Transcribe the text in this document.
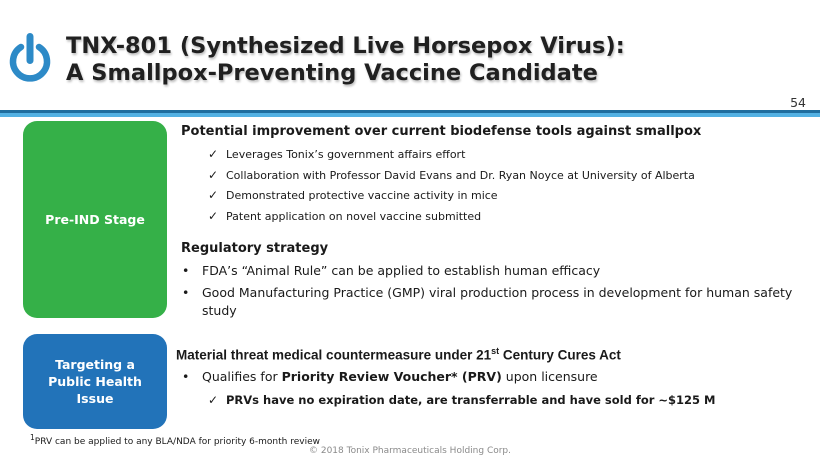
TNX-801 (Synthesized Live Horsepox Virus):
A Smallpox-Preventing Vaccine Candidate
54
Pre-IND Stage
Targeting a
Public Health
Issue

Potential improvement over current biodefense tools against smallpox

✓ Leverages Tonix’s government affairs effort
✓ Collaboration with Professor David Evans and Dr. Ryan Noyce at University of Alberta
✓ Demonstrated protective vaccine activity in mice
✓ Patent application on novel vaccine submitted

Regulatory strategy

•	FDA’s “Animal Rule” can be applied to establish human efficacy
•	Good Manufacturing Practice (GMP) viral production process in development for human safety study

Material threat medical countermeasure under 21st Century Cures Act

•	Qualifies for Priority Review Voucher* (PRV) upon licensure
✓ PRVs have no expiration date, are transferrable and have sold for ~$125 M
$^1$PRV can be applied to any BLA/NDA for priority 6-month review
© 2018 Tonix Pharmaceuticals Holding Corp.
